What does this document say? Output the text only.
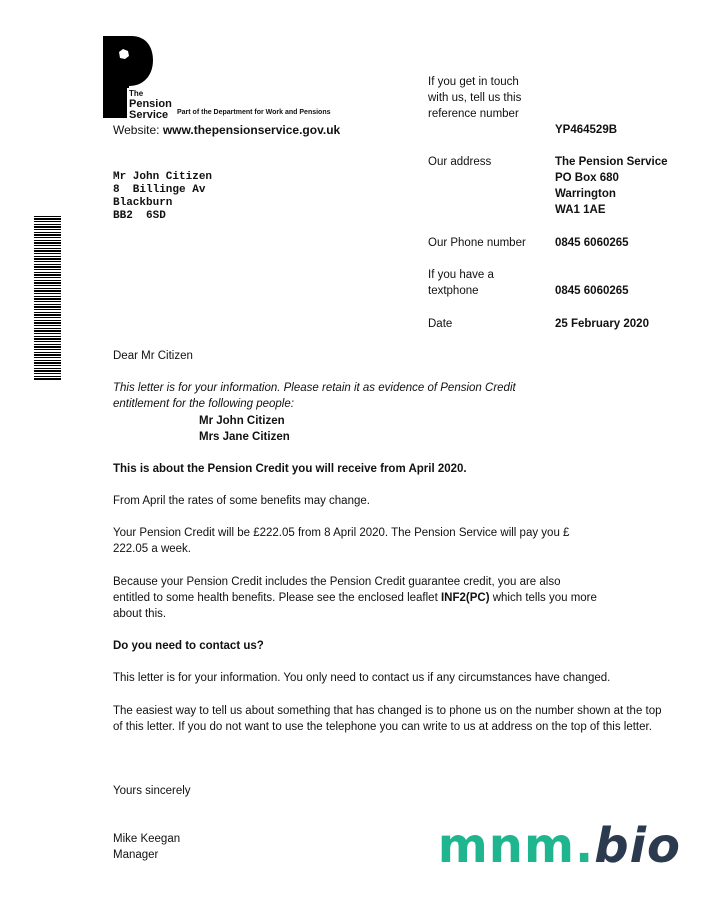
The
Pension
Service	Part of the Department for Work and Pensions
Website: www.thepensionservice.gov.uk
Mr John Citizen
8  Billinge Av
Blackburn
BB2  6SD
If you get in touch with us, tell us this reference number
YP464529B
Our address	The Pension Service
PO Box 680
Warrington
WA1 1AE
Our Phone number	0845 6060265
If you have a textphone	0845 6060265
Date	25 February 2020
Dear Mr Citizen
This letter is for your information. Please retain it as evidence of Pension Credit entitlement for the following people:
Mr John Citizen
Mrs Jane Citizen
This is about the Pension Credit you will receive from April 2020.
From April the rates of some benefits may change.
Your Pension Credit will be £222.05 from 8 April 2020. The Pension Service will pay you £ 222.05 a week.
Because your Pension Credit includes the Pension Credit guarantee credit, you are also entitled to some health benefits. Please see the enclosed leaflet INF2(PC) which tells you more about this.
Do you need to contact us?
This letter is for your information. You only need to contact us if any circumstances have changed.
The easiest way to tell us about something that has changed is to phone us on the number shown at the top of this letter. If you do not want to use the telephone you can write to us at address on the top of this letter.
Yours sincerely
Mike Keegan
Manager	mnm.bio
